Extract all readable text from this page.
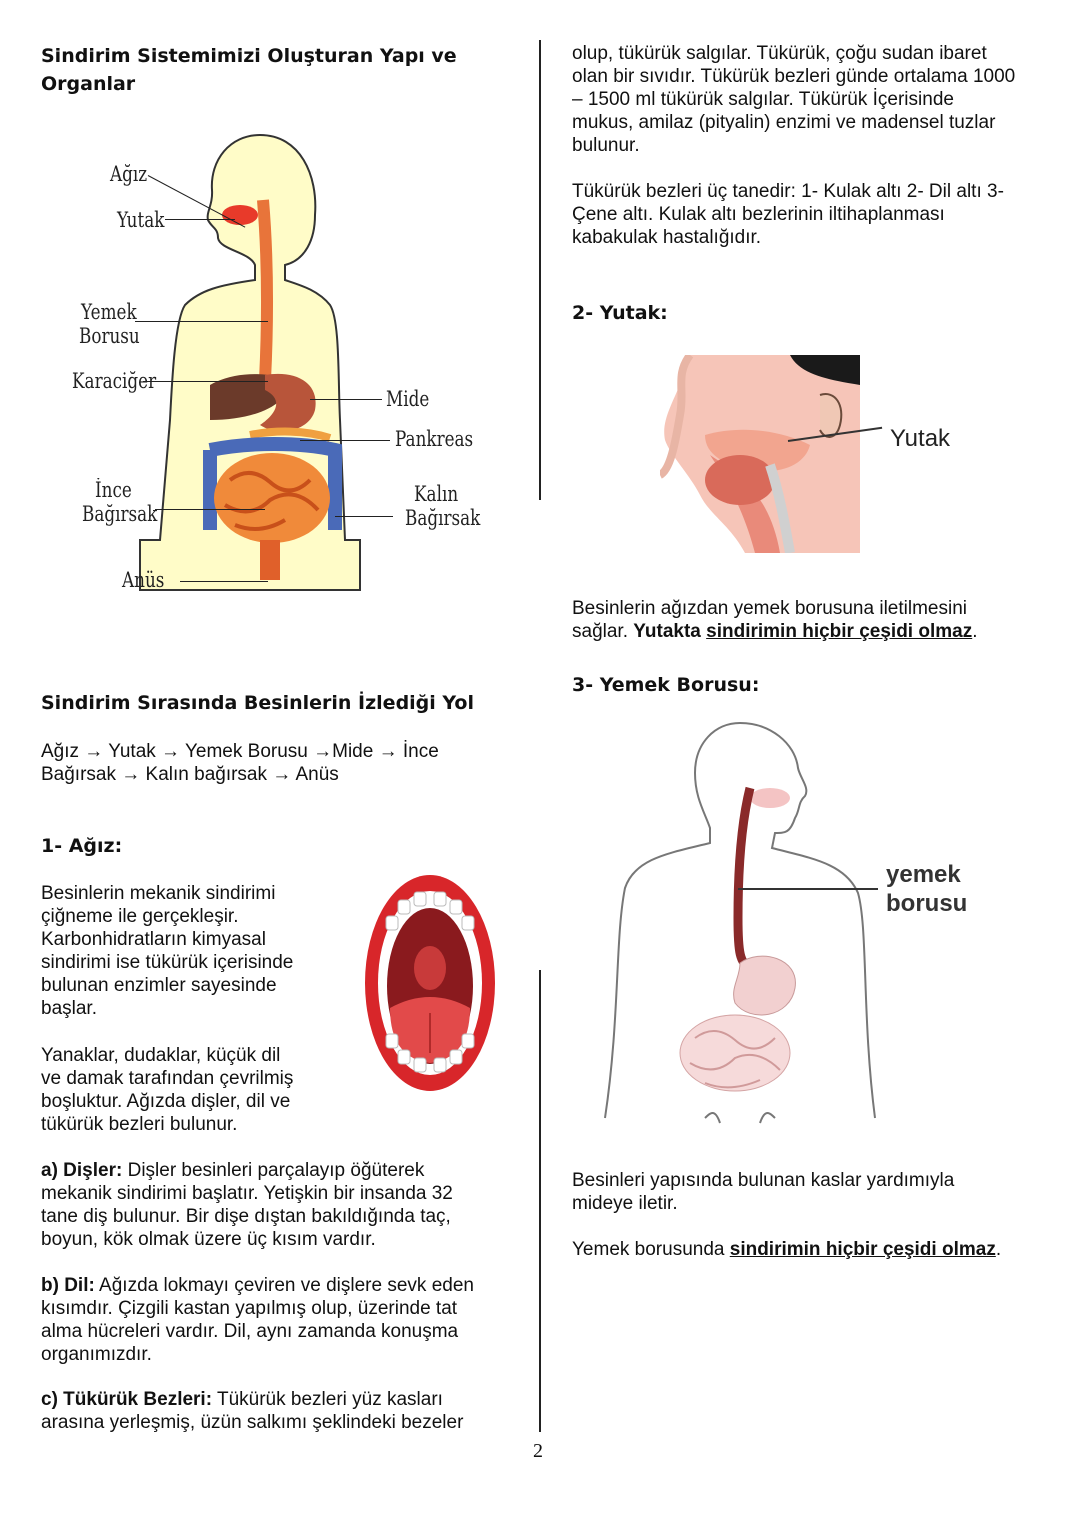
Sindirim Sistemimizi Oluşturan Yapı ve Organlar
Ağız
Yutak
Yemek
Borusu
Karaciğer
Mide
Pankreas
İnce
Bağırsak
Kalın
Bağırsak
Anüs
Sindirim Sırasında Besinlerin İzlediği Yol
Ağız → Yutak → Yemek Borusu →Mide → İnce
Bağırsak → Kalın bağırsak → Anüs
1- Ağız:
Besinlerin mekanik sindirimi
çiğneme ile gerçekleşir.
Karbonhidratların kimyasal
sindirimi ise tükürük içerisinde
bulunan enzimler sayesinde
başlar.
Yanaklar, dudaklar, küçük dil
ve damak tarafından çevrilmiş
boşluktur. Ağızda dişler, dil ve
tükürük bezleri bulunur.
a) Dişler: Dişler besinleri parçalayıp öğüterek
mekanik sindirimi başlatır. Yetişkin bir insanda 32
tane diş bulunur. Bir dişe dıştan bakıldığında taç,
boyun, kök olmak üzere üç kısım vardır.
b) Dil: Ağızda lokmayı çeviren ve dişlere sevk eden
kısımdır. Çizgili kastan yapılmış olup, üzerinde tat
alma hücreleri vardır. Dil, aynı zamanda konuşma
organımızdır.
c) Tükürük Bezleri: Tükürük bezleri yüz kasları
arasına yerleşmiş, üzün salkımı şeklindeki bezeler
2
olup, tükürük salgılar. Tükürük, çoğu sudan ibaret
olan bir sıvıdır. Tükürük bezleri günde ortalama 1000
– 1500 ml tükürük salgılar. Tükürük İçerisinde
mukus, amilaz (pityalin) enzimi ve madensel tuzlar
bulunur.
Tükürük bezleri üç tanedir: 1- Kulak altı 2- Dil altı 3-
Çene altı. Kulak altı bezlerinin iltihaplanması
kabakulak hastalığıdır.
2- Yutak:
Yutak
Besinlerin ağızdan yemek borusuna iletilmesini
sağlar. Yutakta sindirimin hiçbir çeşidi olmaz.
3- Yemek Borusu:
yemek
borusu
Besinleri yapısında bulunan kaslar yardımıyla
mideye iletir.
Yemek borusunda sindirimin hiçbir çeşidi olmaz.
